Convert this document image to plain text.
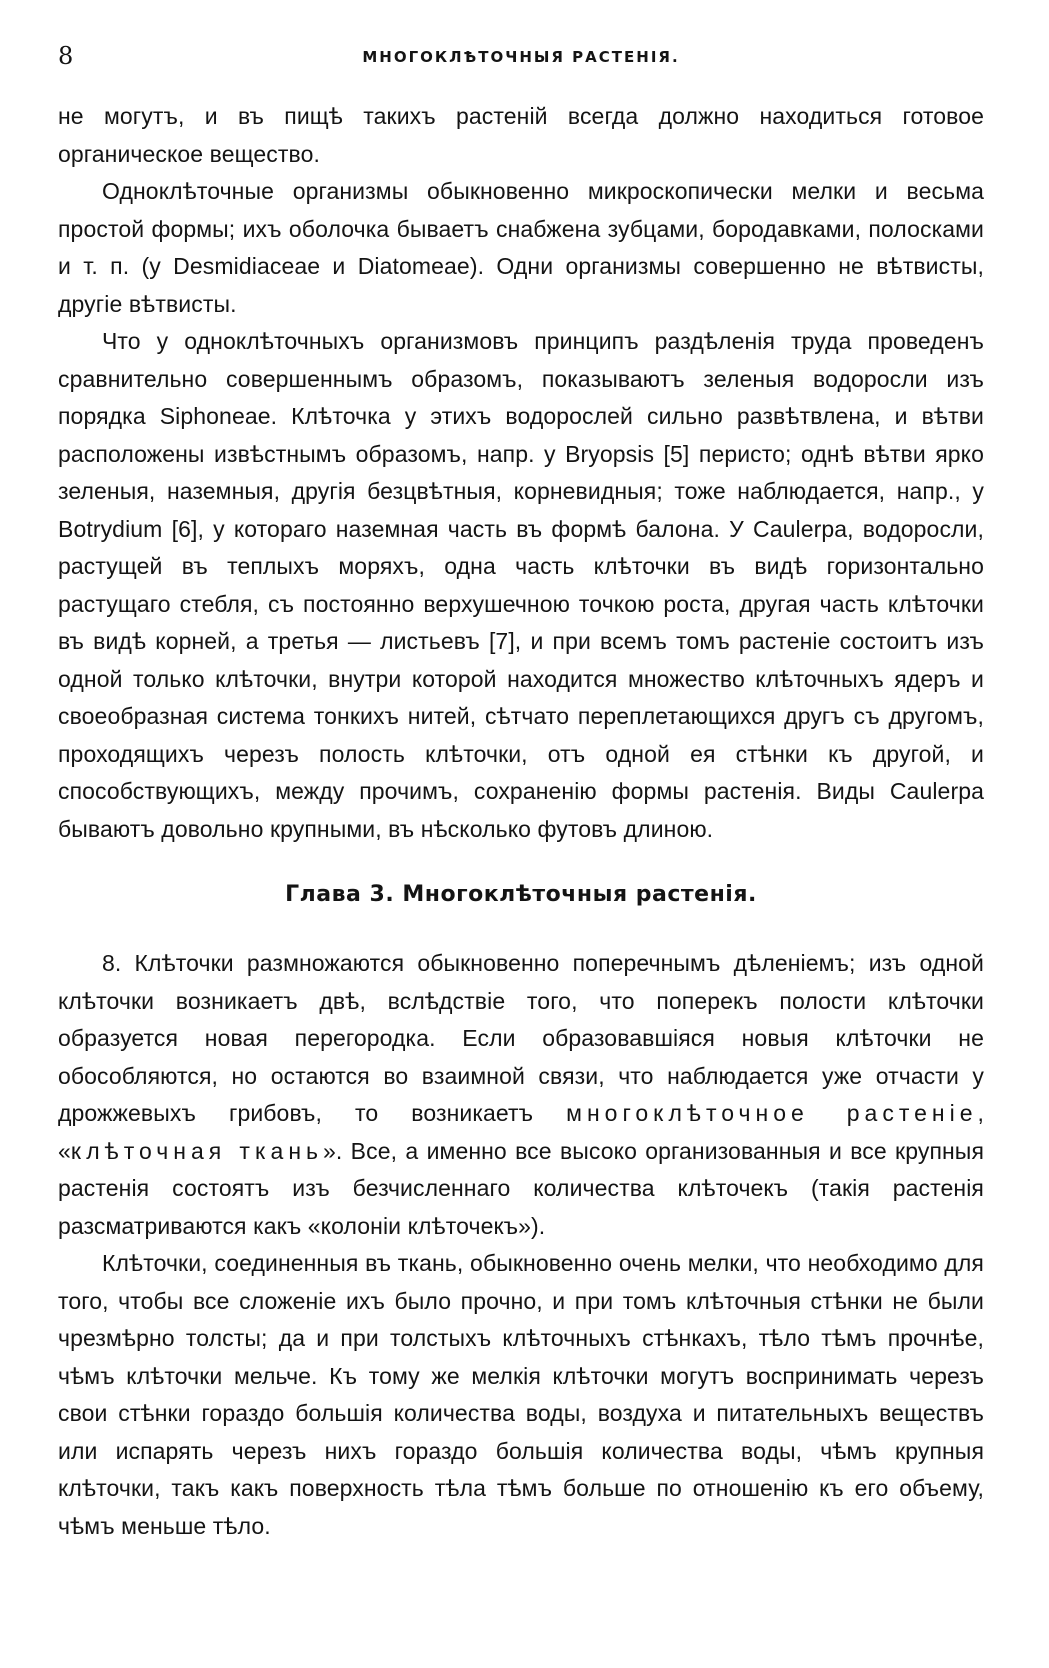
8	МНОГОКЛѢТОЧНЫЯ РАСТЕНІЯ.

не могутъ, и въ пищѣ такихъ растеній всегда должно находиться готовое органическое вещество.

Одноклѣточные организмы обыкновенно микроскопически мелки и весьма простой формы; ихъ оболочка бываетъ снабжена зубцами, бородавками, полосками и т. п. (у Desmidiaceae и Diatomeae). Одни организмы совершенно не вѣтвисты, другіе вѣтвисты.

Что у одноклѣточныхъ организмовъ принципъ раздѣленія труда проведенъ сравнительно совершеннымъ образомъ, показываютъ зеленыя водоросли изъ порядка Siphoneae. Клѣточка у этихъ водорослей сильно развѣтвлена, и вѣтви расположены извѣстнымъ образомъ, напр. у Bryopsis [5] перисто; однѣ вѣтви ярко зеленыя, наземныя, другія безцвѣтныя, корневидныя; тоже наблюдается, напр., у Botrydium [6], у котораго наземная часть въ формѣ балона. У Caulerpa, водоросли, растущей въ теплыхъ моряхъ, одна часть клѣточки въ видѣ горизонтально растущаго стебля, съ постоянно верхушечною точкою роста, другая часть клѣточки въ видѣ корней, а третья — листьевъ [7], и при всемъ томъ растеніе состоитъ изъ одной только клѣточки, внутри которой находится множество клѣточныхъ ядеръ и своеобразная система тонкихъ нитей, сѣтчато переплетающихся другъ съ другомъ, проходящихъ черезъ полость клѣточки, отъ одной ея стѣнки къ другой, и способствующихъ, между прочимъ, сохраненію формы растенія. Виды Caulerpa бываютъ довольно крупными, въ нѣсколько футовъ длиною.

Глава 3. Многоклѣточныя растенія.

8. Клѣточки размножаются обыкновенно поперечнымъ дѣленіемъ; изъ одной клѣточки возникаетъ двѣ, вслѣдствіе того, что поперекъ полости клѣточки образуется новая перегородка. Если образовавшіяся новыя клѣточки не обособляются, но остаются во взаимной связи, что наблюдается уже отчасти у дрожжевыхъ грибовъ, то возникаетъ многоклѣточное растеніе, «клѣточная ткань». Все, а именно все высоко организованныя и все крупныя растенія состоятъ изъ безчисленнаго количества клѣточекъ (такія растенія разсматриваются какъ «колоніи клѣточекъ»).

Клѣточки, соединенныя въ ткань, обыкновенно очень мелки, что необходимо для того, чтобы все сложеніе ихъ было прочно, и при томъ клѣточныя стѣнки не были чрезмѣрно толсты; да и при толстыхъ клѣточныхъ стѣнкахъ, тѣло тѣмъ прочнѣе, чѣмъ клѣточки мельче. Къ тому же мелкія клѣточки могутъ воспринимать черезъ свои стѣнки гораздо большія количества воды, воздуха и питательныхъ веществъ или испарять черезъ нихъ гораздо большія количества воды, чѣмъ крупныя клѣточки, такъ какъ поверхность тѣла тѣмъ больше по отношенію къ его объему, чѣмъ меньше тѣло.
